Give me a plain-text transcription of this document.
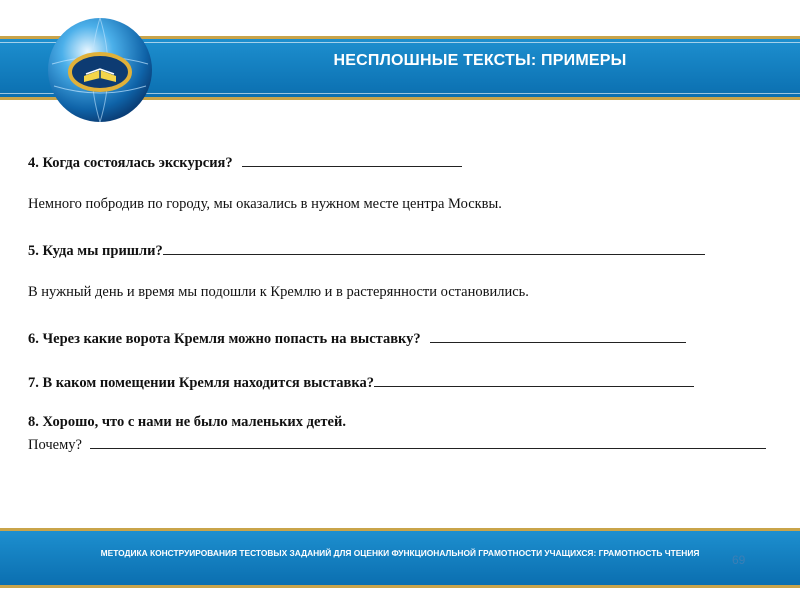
НЕСПЛОШНЫЕ ТЕКСТЫ: ПРИМЕРЫ
4. Когда состоялась экскурсия?
Немного побродив по городу, мы оказались в нужном месте центра Москвы.
5. Куда мы пришли?
В нужный день и время мы подошли к Кремлю и в растерянности остановились.
6. Через какие ворота Кремля можно попасть на выставку?
7. В каком помещении Кремля находится выставка?
8. Хорошо, что с нами не было маленьких детей.
Почему?
МЕТОДИКА КОНСТРУИРОВАНИЯ ТЕСТОВЫХ ЗАДАНИЙ ДЛЯ ОЦЕНКИ ФУНКЦИОНАЛЬНОЙ ГРАМОТНОСТИ УЧАЩИХСЯ: ГРАМОТНОСТЬ ЧТЕНИЯ	69
